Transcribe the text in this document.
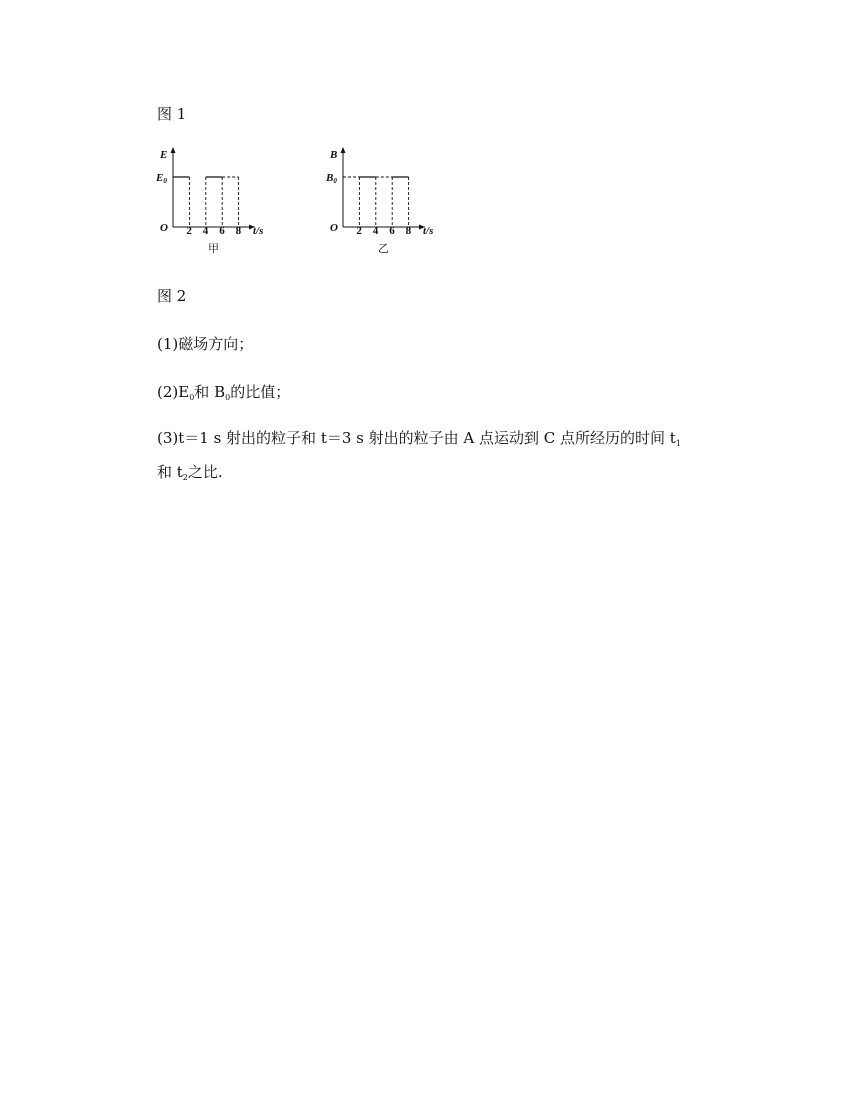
图 1
E
E0
O	t/s
2 4 6 8
甲
B
B0
O	t/s
2 4 6 8
乙
图 2
(1)磁场方向；
$(2)E_0$和 $B_0$的比值；
(3)t＝1 s 射出的粒子和 t＝3 s 射出的粒子由 A 点运动到 C 点所经历的时间 $t_1$
和 $t_2$之比.
